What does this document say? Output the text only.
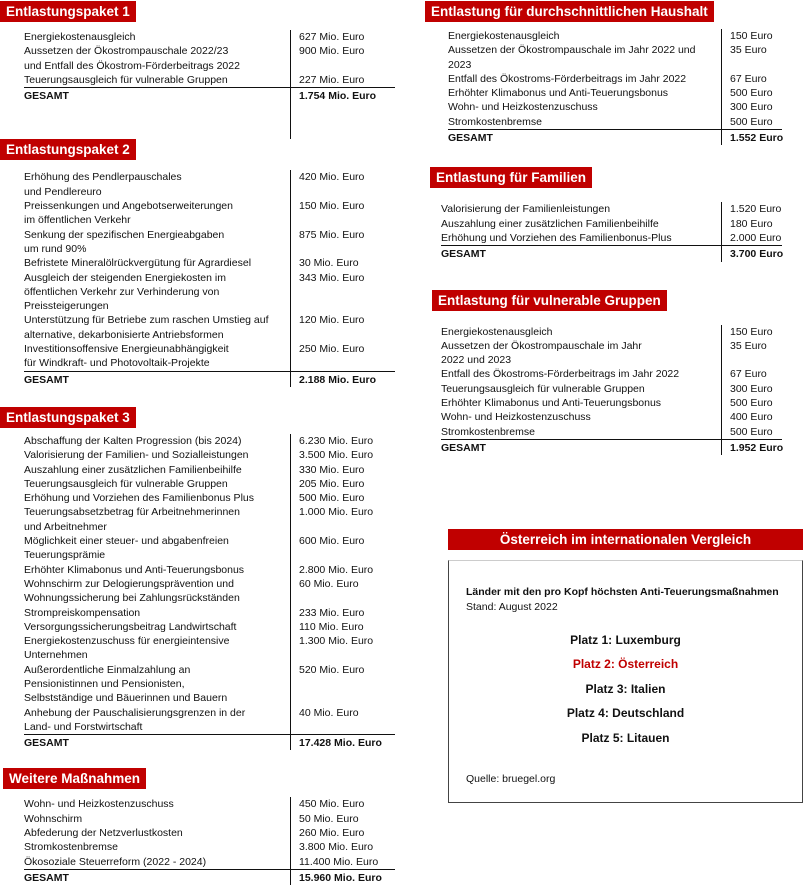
Entlastungspaket 1
Energiekostenausgleich	627 Mio. Euro
Aussetzen der Ökostrompauschale 2022/23
und Entfall des Ökostrom-Förderbeitrags 2022
900 Mio. Euro
Teuerungsausgleich für vulnerable Gruppen	227 Mio. Euro
GESAMT	1.754 Mio. Euro
Entlastungspaket 2
Erhöhung des Pendlerpauschales
und Pendlereuro
420 Mio. Euro
Preissenkungen und Angebotserweiterungen
im öffentlichen Verkehr
150 Mio. Euro
Senkung der spezifischen Energieabgaben
um rund 90%
875 Mio. Euro
Befristete Mineralölrückvergütung für Agrardiesel	30 Mio. Euro
Ausgleich der steigenden Energiekosten im
öffentlichen Verkehr zur Verhinderung von
Preissteigerungen
343 Mio. Euro
Unterstützung für Betriebe zum raschen Umstieg auf
alternative, dekarbonisierte Antriebsformen
120 Mio. Euro
Investitionsoffensive Energieunabhängigkeit
für Windkraft- und Photovoltaik-Projekte
250 Mio. Euro
GESAMT	2.188 Mio. Euro
Entlastungspaket 3
Abschaffung der Kalten Progression (bis 2024)	6.230 Mio. Euro
Valorisierung der Familien- und Sozialleistungen	3.500 Mio. Euro
Auszahlung einer zusätzlichen Familienbeihilfe	330 Mio. Euro
Teuerungsausgleich für vulnerable Gruppen	205 Mio. Euro
Erhöhung und Vorziehen des Familienbonus Plus	500 Mio. Euro
Teuerungsabsetzbetrag für Arbeitnehmerinnen
und Arbeitnehmer
1.000 Mio. Euro
Möglichkeit einer steuer- und abgabenfreien
Teuerungsprämie
600 Mio. Euro
Erhöhter Klimabonus und Anti-Teuerungsbonus	2.800 Mio. Euro
Wohnschirm zur Delogierungsprävention und
Wohnungssicherung bei Zahlungsrückständen
60 Mio. Euro
Strompreiskompensation	233 Mio. Euro
Versorgungssicherungsbeitrag Landwirtschaft	110 Mio. Euro
Energiekostenzuschuss für energieintensive
Unternehmen
1.300 Mio. Euro
Außerordentliche Einmalzahlung an
Pensionistinnen und Pensionisten,
Selbstständige und Bäuerinnen und Bauern
520 Mio. Euro
Anhebung der Pauschalisierungsgrenzen in der
Land- und Forstwirtschaft
40 Mio. Euro
GESAMT	17.428 Mio. Euro
Weitere Maßnahmen
Wohn- und Heizkostenzuschuss	450 Mio. Euro
Wohnschirm	50 Mio. Euro
Abfederung der Netzverlustkosten	260 Mio. Euro
Stromkostenbremse	3.800 Mio. Euro
Ökosoziale Steuerreform (2022 - 2024)	11.400 Mio. Euro
GESAMT	15.960 Mio. Euro
Entlastung für durchschnittlichen Haushalt
Energiekostenausgleich	150 Euro
Aussetzen der Ökostrompauschale im Jahr 2022 und
2023
35 Euro
Entfall des Ökostroms-Förderbeitrags im Jahr 2022	67 Euro
Erhöhter Klimabonus und Anti-Teuerungsbonus	500 Euro
Wohn- und Heizkostenzuschuss	300 Euro
Stromkostenbremse	500 Euro
GESAMT	1.552 Euro
Entlastung für Familien
Valorisierung der Familienleistungen	1.520 Euro
Auszahlung einer zusätzlichen Familienbeihilfe	180 Euro
Erhöhung und Vorziehen des Familienbonus-Plus	2.000 Euro
GESAMT	3.700 Euro
Entlastung für vulnerable Gruppen
Energiekostenausgleich	150 Euro
Aussetzen der Ökostrompauschale im Jahr
2022 und 2023
35 Euro
Entfall des Ökostroms-Förderbeitrags im Jahr 2022	67 Euro
Teuerungsausgleich für vulnerable Gruppen	300 Euro
Erhöhter Klimabonus und Anti-Teuerungsbonus	500 Euro
Wohn- und Heizkostenzuschuss	400 Euro
Stromkostenbremse	500 Euro
GESAMT	1.952 Euro
Österreich im internationalen Vergleich
Länder mit den pro Kopf höchsten Anti-Teuerungsmaßnahmen
Stand: August 2022
Platz 1: Luxemburg
Platz 2: Österreich
Platz 3: Italien
Platz 4: Deutschland
Platz 5: Litauen
Quelle: bruegel.org
